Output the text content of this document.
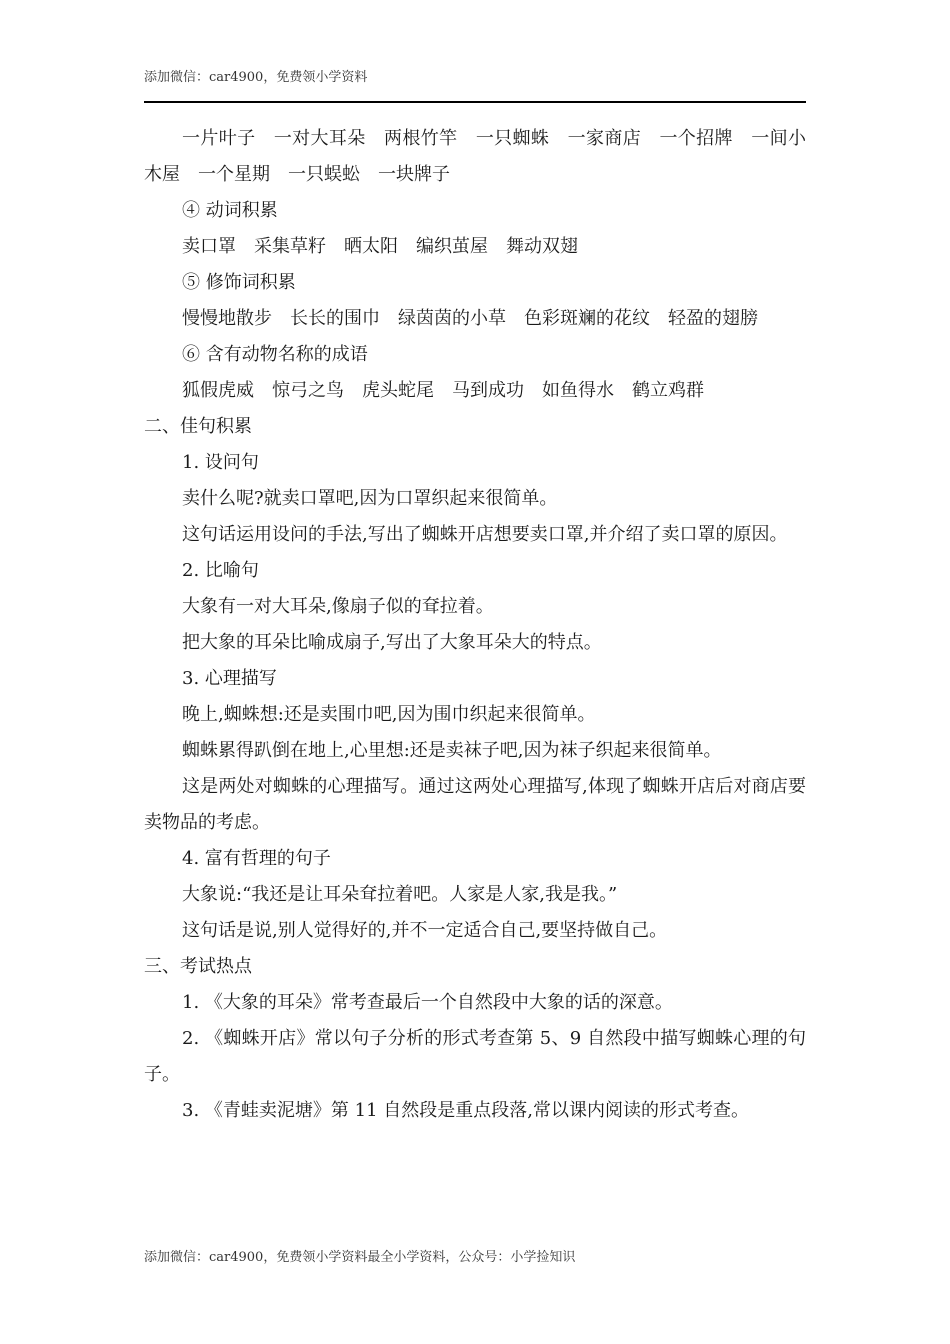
添加微信：car4900，免费领小学资料

一片叶子　一对大耳朵　两根竹竿　一只蜘蛛　一家商店　一个招牌　一间小木屋　一个星期　一只蜈蚣　一块牌子

④ 动词积累

卖口罩　采集草籽　晒太阳　编织茧屋　舞动双翅

⑤ 修饰词积累

慢慢地散步　长长的围巾　绿茵茵的小草　色彩斑斓的花纹　轻盈的翅膀

⑥ 含有动物名称的成语

狐假虎威　惊弓之鸟　虎头蛇尾　马到成功　如鱼得水　鹤立鸡群

二、佳句积累

1. 设问句

卖什么呢?就卖口罩吧,因为口罩织起来很简单。

这句话运用设问的手法,写出了蜘蛛开店想要卖口罩,并介绍了卖口罩的原因。

2. 比喻句

大象有一对大耳朵,像扇子似的耷拉着。

把大象的耳朵比喻成扇子,写出了大象耳朵大的特点。

3. 心理描写

晚上,蜘蛛想:还是卖围巾吧,因为围巾织起来很简单。

蜘蛛累得趴倒在地上,心里想:还是卖袜子吧,因为袜子织起来很简单。

这是两处对蜘蛛的心理描写。通过这两处心理描写,体现了蜘蛛开店后对商店要卖物品的考虑。

4. 富有哲理的句子

大象说:“我还是让耳朵耷拉着吧。人家是人家,我是我。”

这句话是说,别人觉得好的,并不一定适合自己,要坚持做自己。

三、考试热点

1. 《大象的耳朵》常考查最后一个自然段中大象的话的深意。

2. 《蜘蛛开店》常以句子分析的形式考查第 5、9 自然段中描写蜘蛛心理的句子。

3. 《青蛙卖泥塘》第 11 自然段是重点段落,常以课内阅读的形式考查。

添加微信：car4900，免费领小学资料最全小学资料，公众号：小学捡知识
